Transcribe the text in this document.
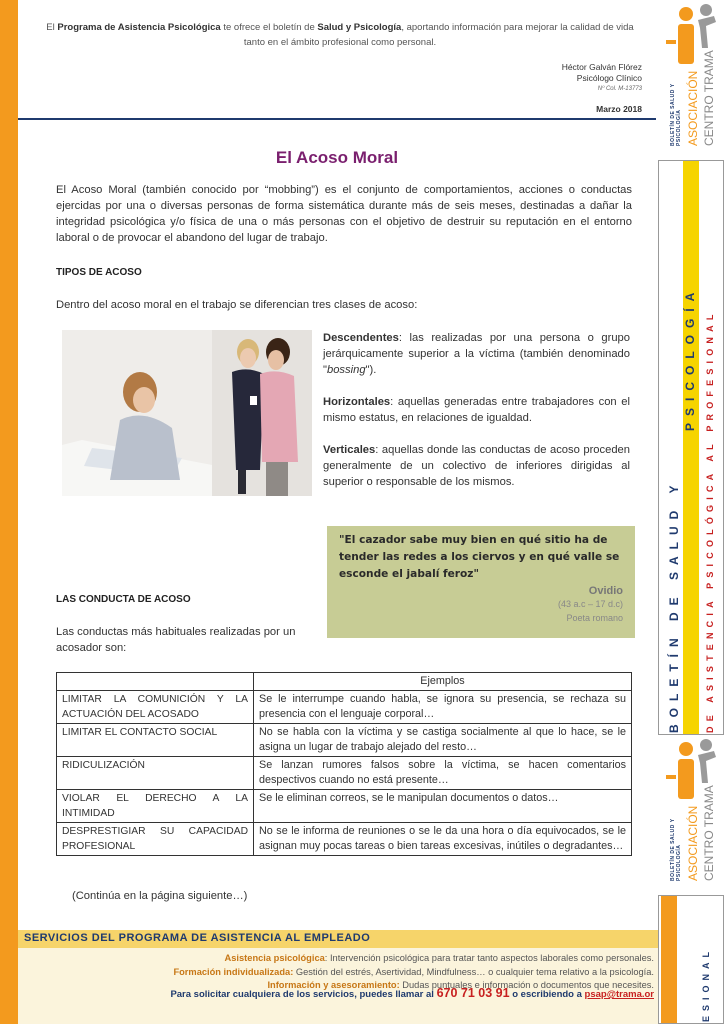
El Programa de Asistencia Psicológica te ofrece el boletín de Salud y Psicología, aportando información para mejorar la calidad de vida tanto en el ámbito profesional como personal.
Héctor Galván Flórez
Psicólogo Clínico
Nº Col. M-13773
Marzo 2018	BOLETÍN DE SALUD Y PSICOLOGÍA ASOCIACIÓN CENTRO TRAMA
BOLETÍN DE SALUD Y
PSICOLOGÍA DE ASISTENCIA PSICOLÓGICA AL PROFESIONAL
BOLETÍN DE SALUD Y PSICOLOGÍA ASOCIACIÓN CENTRO TRAMA
ESIONAL
El Acoso Moral
El Acoso Moral (también conocido por “mobbing”) es el conjunto de comportamientos, acciones o conductas ejercidas por una o diversas personas de forma sistemática durante más de seis meses, destinadas a dañar la integridad psicológica y/o física de una o más personas con el objetivo de destruir su reputación en el entorno laboral o de provocar el abandono del lugar de trabajo.
TIPOS DE ACOSO
Dentro del acoso moral en el trabajo se diferencian tres clases de acoso:
Descendentes: las realizadas por una persona o grupo jerárquicamente superior a la víctima (también denominado "bossing").
Horizontales: aquellas generadas entre trabajadores con el mismo estatus, en relaciones de igualdad.
Verticales: aquellas donde las conductas de acoso proceden generalmente de un colectivo de inferiores dirigidas al superior o responsable de los mismos.
"El cazador sabe muy bien en qué sitio ha de tender las redes a los ciervos y en qué valle se esconde el jabalí feroz"
Ovidio
(43 a.c – 17 d.c)
Poeta romano
LAS CONDUCTA DE ACOSO
Las conductas más habituales realizadas por un acosador son:
	Ejemplos
LIMITAR LA COMUNICIÓN Y LA ACTUACIÓN DEL ACOSADO	Se le interrumpe cuando habla, se ignora su presencia, se rechaza su presencia con el lenguaje corporal…
LIMITAR EL CONTACTO SOCIAL	No se habla con la víctima y se castiga socialmente al que lo hace, se le asigna un lugar de trabajo alejado del resto…
RIDICULIZACIÓN	Se lanzan rumores falsos sobre la víctima, se hacen comentarios despectivos cuando no está presente…
VIOLAR EL DERECHO A LA INTIMIDAD	Se le eliminan correos, se le manipulan documentos o datos…
DESPRESTIGIAR SU CAPACIDAD PROFESIONAL	No se le informa de reuniones o se le da una hora o día equivocados, se le asignan muy pocas tareas o bien tareas excesivas, inútiles o degradantes…
(Continúa en la página siguiente…)
SERVICIOS DEL PROGRAMA DE ASISTENCIA AL EMPLEADO
Asistencia psicológica: Intervención psicológica para tratar tanto aspectos laborales como personales.
Formación individualizada: Gestión del estrés, Asertividad, Mindfulness… o cualquier tema relativo a la psicología.
Información y asesoramiento: Dudas puntuales e información o documentos que necesites.
Para solicitar cualquiera de los servicios, puedes llamar al 670 71 03 91 o escribiendo a psap@trama.or
